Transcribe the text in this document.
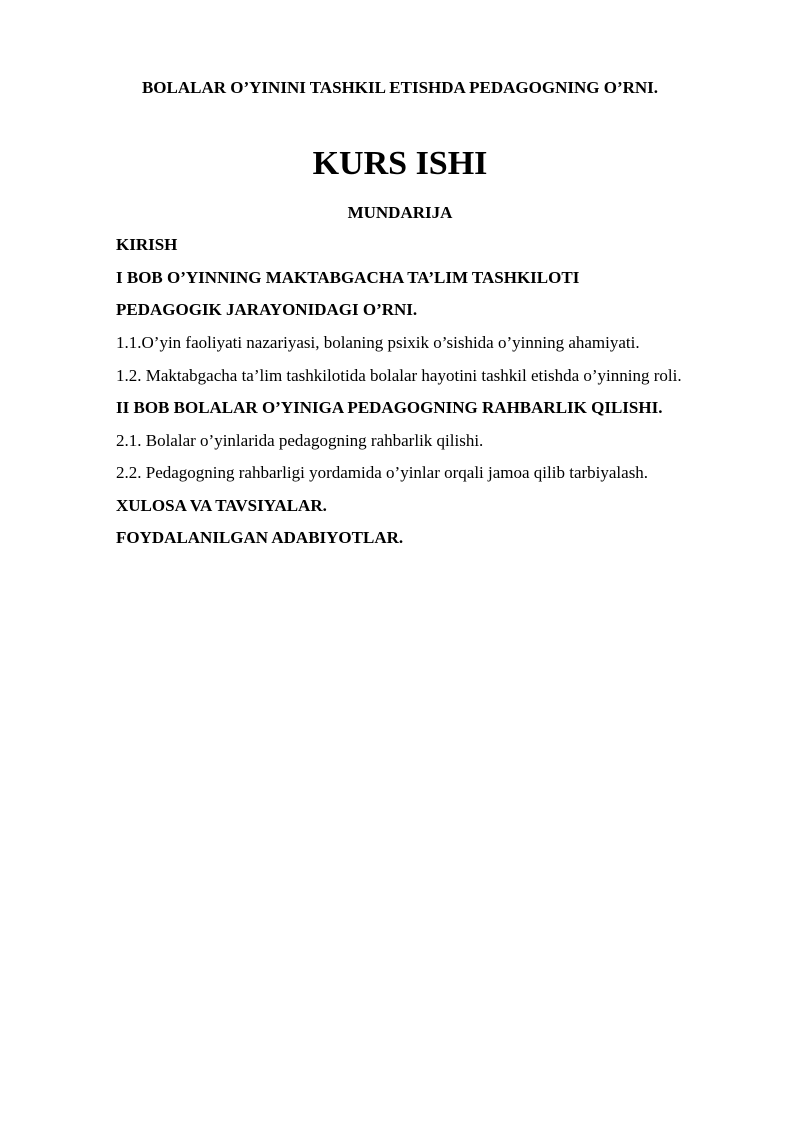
BOLALAR O’YININI TASHKIL ETISHDA PEDAGOGNING O’RNI.
KURS ISHI
MUNDARIJA
KIRISH
I BOB O’YINNING MAKTABGACHA TA’LIM TASHKILOTI
PEDAGOGIK JARAYONIDAGI O’RNI.
1.1.O’yin faoliyati nazariyasi, bolaning psixik o’sishida o’yinning ahamiyati.
1.2. Maktabgacha ta’lim tashkilotida bolalar hayotini tashkil etishda o’yinning roli.
II BOB BOLALAR O’YINIGA PEDAGOGNING RAHBARLIK QILISHI.
2.1. Bolalar o’yinlarida pedagogning rahbarlik qilishi.
2.2. Pedagogning rahbarligi yordamida o’yinlar orqali jamoa qilib tarbiyalash.
XULOSA VA TAVSIYALAR.
FOYDALANILGAN ADABIYOTLAR.
